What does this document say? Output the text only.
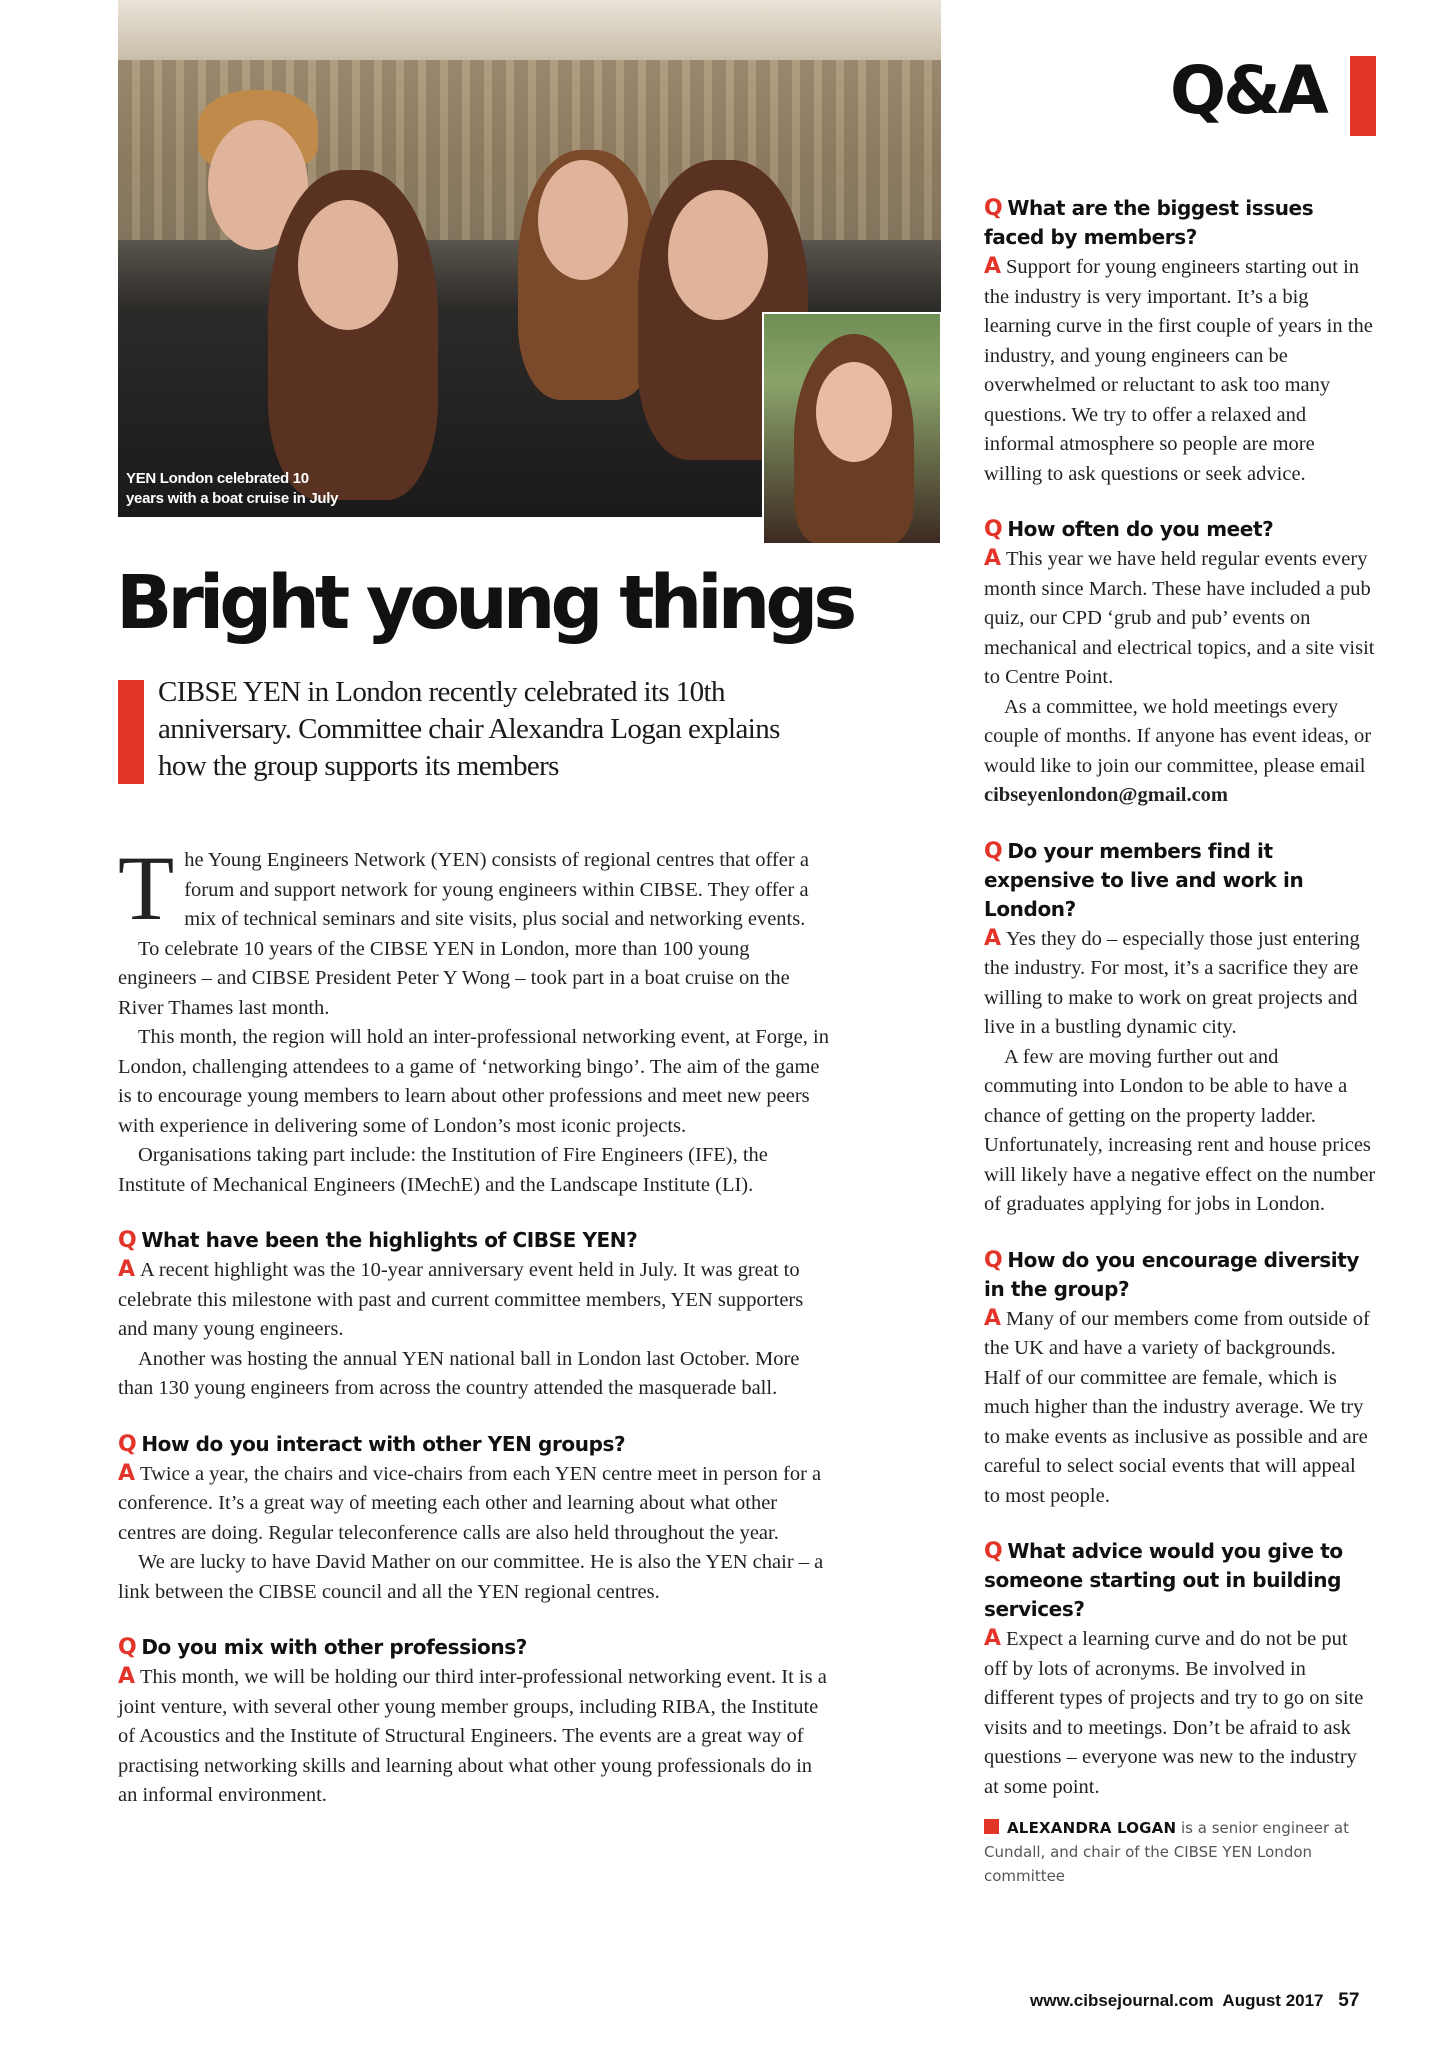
YEN London celebrated 10 years with a boat cruise in July
Q&A
Bright young things
CIBSE YEN in London recently celebrated its 10th anniversary. Committee chair Alexandra Logan explains how the group supports its members

The Young Engineers Network (YEN) consists of regional centres that offer a forum and support network for young engineers within CIBSE. They offer a mix of technical seminars and site visits, plus social and networking events.

To celebrate 10 years of the CIBSE YEN in London, more than 100 young engineers – and CIBSE President Peter Y Wong – took part in a boat cruise on the River Thames last month.

This month, the region will hold an inter-professional networking event, at Forge, in London, challenging attendees to a game of ‘networking bingo’. The aim of the game is to encourage young members to learn about other professions and meet new peers with experience in delivering some of London’s most iconic projects.

Organisations taking part include: the Institution of Fire Engineers (IFE), the Institute of Mechanical Engineers (IMechE) and the Landscape Institute (LI).

Q What have been the highlights of CIBSE YEN?

A A recent highlight was the 10-year anniversary event held in July. It was great to celebrate this milestone with past and current committee members, YEN supporters and many young engineers.

Another was hosting the annual YEN national ball in London last October. More than 130 young engineers from across the country attended the masquerade ball.

Q How do you interact with other YEN groups?

A Twice a year, the chairs and vice-chairs from each YEN centre meet in person for a conference. It’s a great way of meeting each other and learning about what other centres are doing. Regular teleconference calls are also held throughout the year.

We are lucky to have David Mather on our committee. He is also the YEN chair – a link between the CIBSE council and all the YEN regional centres.

Q Do you mix with other professions?

A This month, we will be holding our third inter-professional networking event. It is a joint venture, with several other young member groups, including RIBA, the Institute of Acoustics and the Institute of Structural Engineers. The events are a great way of practising networking skills and learning about what other young professionals do in an informal environment.

Q What are the biggest issues faced by members?

A Support for young engineers starting out in the industry is very important. It’s a big learning curve in the first couple of years in the industry, and young engineers can be overwhelmed or reluctant to ask too many questions. We try to offer a relaxed and informal atmosphere so people are more willing to ask questions or seek advice.

Q How often do you meet?

A This year we have held regular events every month since March. These have included a pub quiz, our CPD ‘grub and pub’ events on mechanical and electrical topics, and a site visit to Centre Point.

As a committee, we hold meetings every couple of months. If anyone has event ideas, or would like to join our committee, please email cibseyenlondon@gmail.com

Q Do your members find it expensive to live and work in London?

A Yes they do – especially those just entering the industry. For most, it’s a sacrifice they are willing to make to work on great projects and live in a bustling dynamic city.

A few are moving further out and commuting into London to be able to have a chance of getting on the property ladder. Unfortunately, increasing rent and house prices will likely have a negative effect on the number of graduates applying for jobs in London.

Q How do you encourage diversity in the group?

A Many of our members come from outside of the UK and have a variety of backgrounds. Half of our committee are female, which is much higher than the industry average. We try to make events as inclusive as possible and are careful to select social events that will appeal to most people.

Q What advice would you give to someone starting out in building services?

A Expect a learning curve and do not be put off by lots of acronyms. Be involved in different types of projects and try to go on site visits and to meetings. Don’t be afraid to ask questions – everyone was new to the industry at some point.

ALEXANDRA LOGAN is a senior engineer at Cundall, and chair of the CIBSE YEN London committee
www.cibsejournal.com August 2017 57
